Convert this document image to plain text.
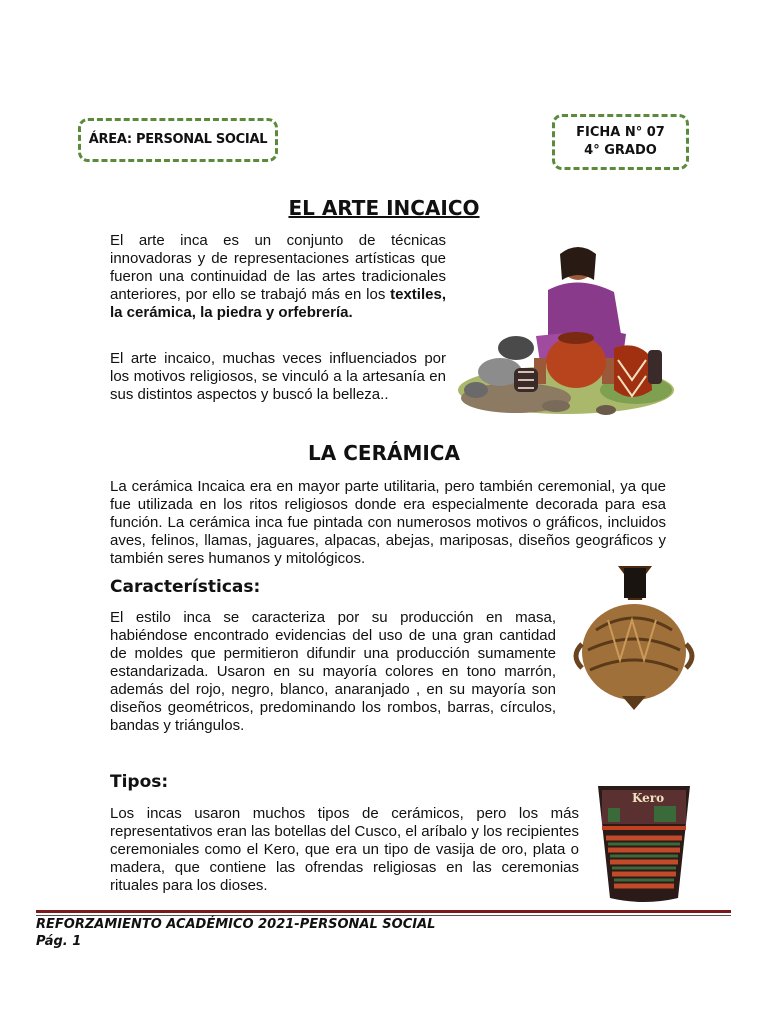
ÁREA: PERSONAL SOCIAL	FICHA N° 07
4° GRADO
EL ARTE INCAICO
El arte inca es un conjunto de técnicas innovadoras y de representaciones artísticas que fueron una continuidad de las artes tradicionales anteriores, por ello se trabajó más en los textiles, la cerámica, la piedra y orfebrería.
El arte incaico, muchas veces influenciados por los motivos religiosos, se vinculó a la artesanía en sus distintos aspectos y buscó la belleza..
LA CERÁMICA
La cerámica Incaica era en mayor parte utilitaria, pero también ceremonial, ya que fue utilizada en los ritos religiosos donde era especialmente decorada para esa función. La cerámica inca fue pintada con numerosos motivos o gráficos, incluidos aves, felinos, llamas, jaguares, alpacas, abejas, mariposas, diseños geográficos y también seres humanos y mitológicos.
Características:
El estilo inca se caracteriza por su producción en masa, habiéndose encontrado evidencias del uso de una gran cantidad de moldes que permitieron difundir una producción sumamente estandarizada. Usaron en su mayoría colores en tono marrón, además del rojo, negro, blanco, anaranjado , en su mayoría son diseños geométricos, predominando los rombos, barras, círculos, bandas y triángulos.
Tipos:
Los incas usaron muchos tipos de cerámicos, pero los más representativos eran las botellas del Cusco, el aríbalo y los recipientes ceremoniales como el Kero, que era un tipo de vasija de oro, plata o madera, que contiene las ofrendas religiosas en las ceremonias rituales para los dioses.
Kero
REFORZAMIENTO ACADÉMICO 2021-PERSONAL SOCIAL
Pág. 1
